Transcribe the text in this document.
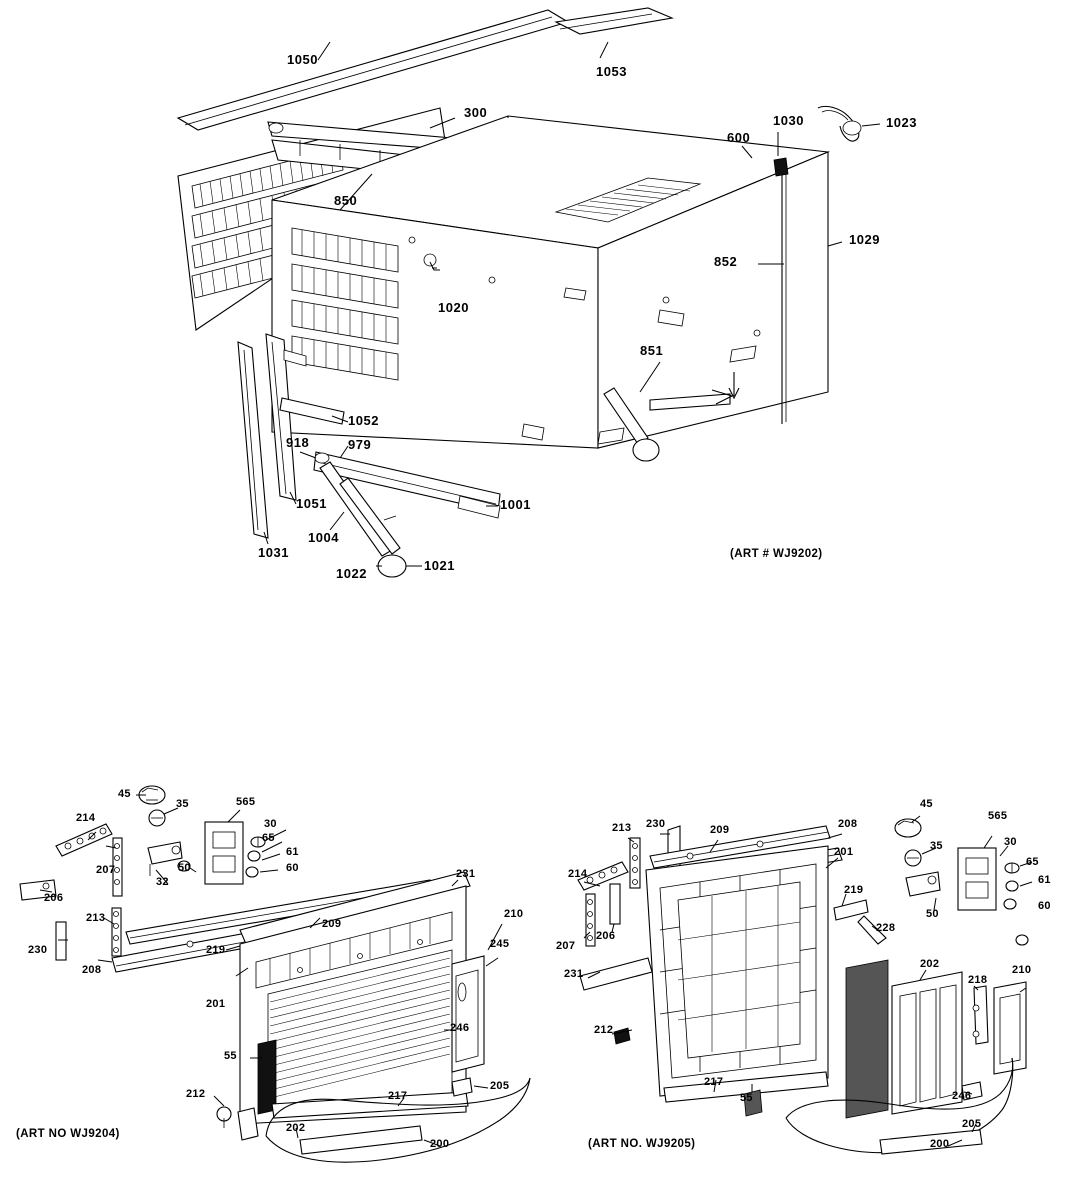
1050
1053
300
1030	1023
600
850
1029
852
1020
851
1052
918	979
1001
1051
1031
1004
1022
1021
(ART # WJ9202)
45
35	565
214	30
65
61
207	50	60
32
206
213	209
231
230	219
208
210
245
201
246
55
205
212	217
202
200
(ART NO WJ9204)
213 230	209	208
45
565
214
201	35	30
65
61
60
207
206
219
50
228
231
202
218
210
212
217
55	246
205
200
(ART NO. WJ9205)
